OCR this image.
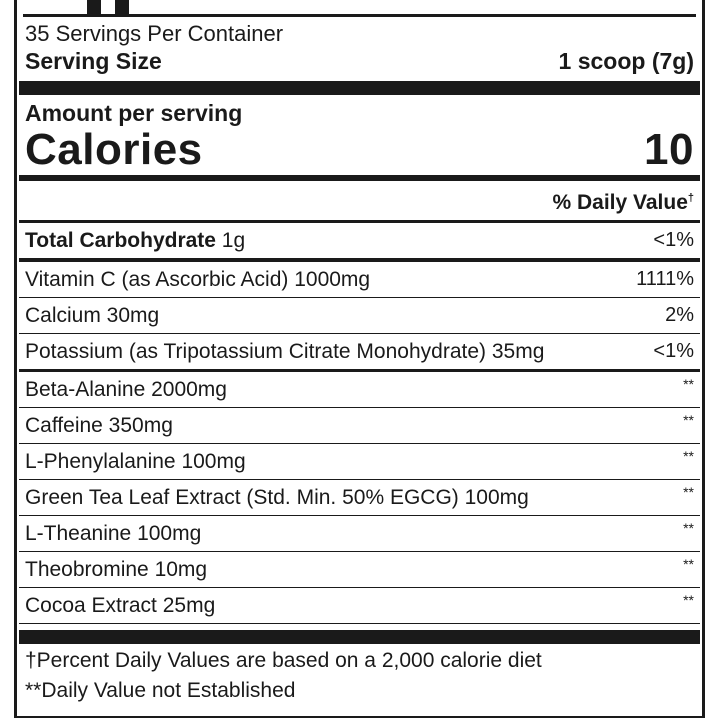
35 Servings Per Container
Serving Size	1 scoop (7g)
Amount per serving
Calories	10
% Daily Value†
Total Carbohydrate 1g	<1%
Vitamin C (as Ascorbic Acid) 1000mg	1111%
Calcium 30mg	2%
Potassium (as Tripotassium Citrate Monohydrate) 35mg	<1%
Beta-Alanine 2000mg	**
Caffeine 350mg	**
L-Phenylalanine 100mg	**
Green Tea Leaf Extract (Std. Min. 50% EGCG) 100mg	**
L-Theanine 100mg	**
Theobromine 10mg	**
Cocoa Extract 25mg	**
†Percent Daily Values are based on a 2,000 calorie diet
**Daily Value not Established
